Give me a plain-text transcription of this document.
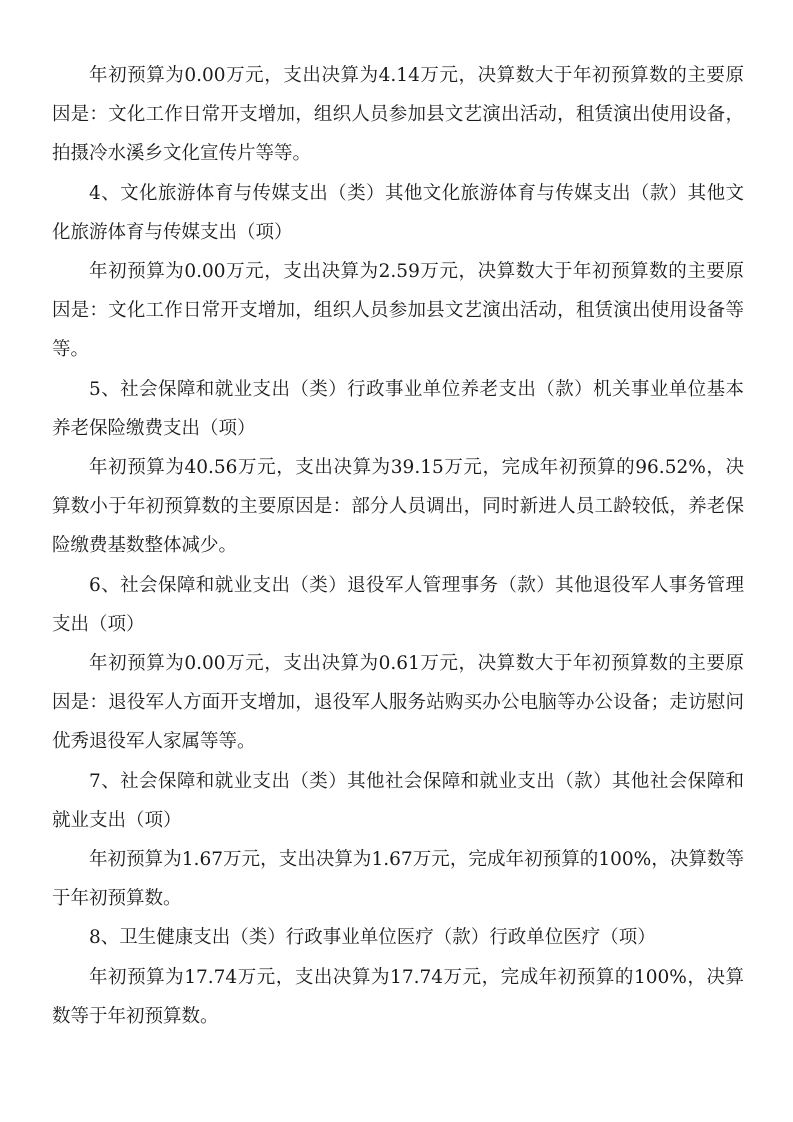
年初预算为0.00万元，支出决算为4.14万元，决算数大于年初预算数的主要原因是：文化工作日常开支增加，组织人员参加县文艺演出活动，租赁演出使用设备，拍摄冷水溪乡文化宣传片等等。

4、文化旅游体育与传媒支出（类）其他文化旅游体育与传媒支出（款）其他文化旅游体育与传媒支出（项）

年初预算为0.00万元，支出决算为2.59万元，决算数大于年初预算数的主要原因是：文化工作日常开支增加，组织人员参加县文艺演出活动，租赁演出使用设备等等。

5、社会保障和就业支出（类）行政事业单位养老支出（款）机关事业单位基本养老保险缴费支出（项）

年初预算为40.56万元，支出决算为39.15万元，完成年初预算的96.52%，决算数小于年初预算数的主要原因是：部分人员调出，同时新进人员工龄较低，养老保险缴费基数整体减少。

6、社会保障和就业支出（类）退役军人管理事务（款）其他退役军人事务管理支出（项）

年初预算为0.00万元，支出决算为0.61万元，决算数大于年初预算数的主要原因是：退役军人方面开支增加，退役军人服务站购买办公电脑等办公设备；走访慰问优秀退役军人家属等等。

7、社会保障和就业支出（类）其他社会保障和就业支出（款）其他社会保障和就业支出（项）

年初预算为1.67万元，支出决算为1.67万元，完成年初预算的100%，决算数等于年初预算数。

8、卫生健康支出（类）行政事业单位医疗（款）行政单位医疗（项）

年初预算为17.74万元，支出决算为17.74万元，完成年初预算的100%，决算数等于年初预算数。
